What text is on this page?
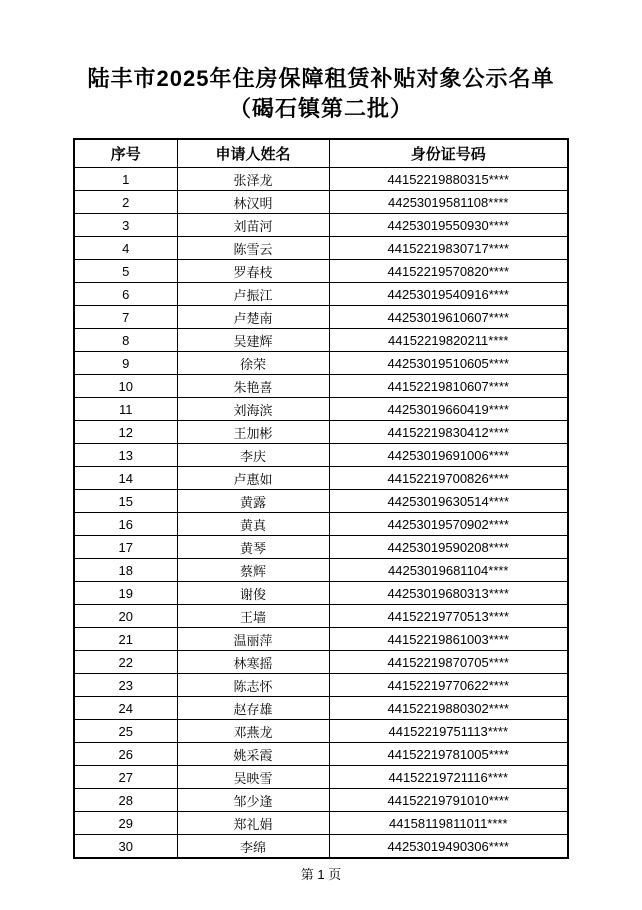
陆丰市2025年住房保障租赁补贴对象公示名单
（碣石镇第二批）
序号	申请人姓名	身份证号码
1	张泽龙	44152219880315****
2	林汉明	44253019581108****
3	刘苗河	44253019550930****
4	陈雪云	44152219830717****
5	罗春枝	44152219570820****
6	卢振江	44253019540916****
7	卢楚南	44253019610607****
8	吴建辉	44152219820211****
9	徐荣	44253019510605****
10	朱艳喜	44152219810607****
11	刘海滨	44253019660419****
12	王加彬	44152219830412****
13	李庆	44253019691006****
14	卢惠如	44152219700826****
15	黄露	44253019630514****
16	黄真	44253019570902****
17	黄琴	44253019590208****
18	蔡辉	44253019681104****
19	谢俊	44253019680313****
20	王墙	44152219770513****
21	温丽萍	44152219861003****
22	林寒摇	44152219870705****
23	陈志怀	44152219770622****
24	赵存雄	44152219880302****
25	邓燕龙	44152219751113****
26	姚采霞	44152219781005****
27	吴映雪	44152219721116****
28	邹少逢	44152219791010****
29	郑礼娟	44158119811011****
30	李绵	44253019490306****
第 1 页
